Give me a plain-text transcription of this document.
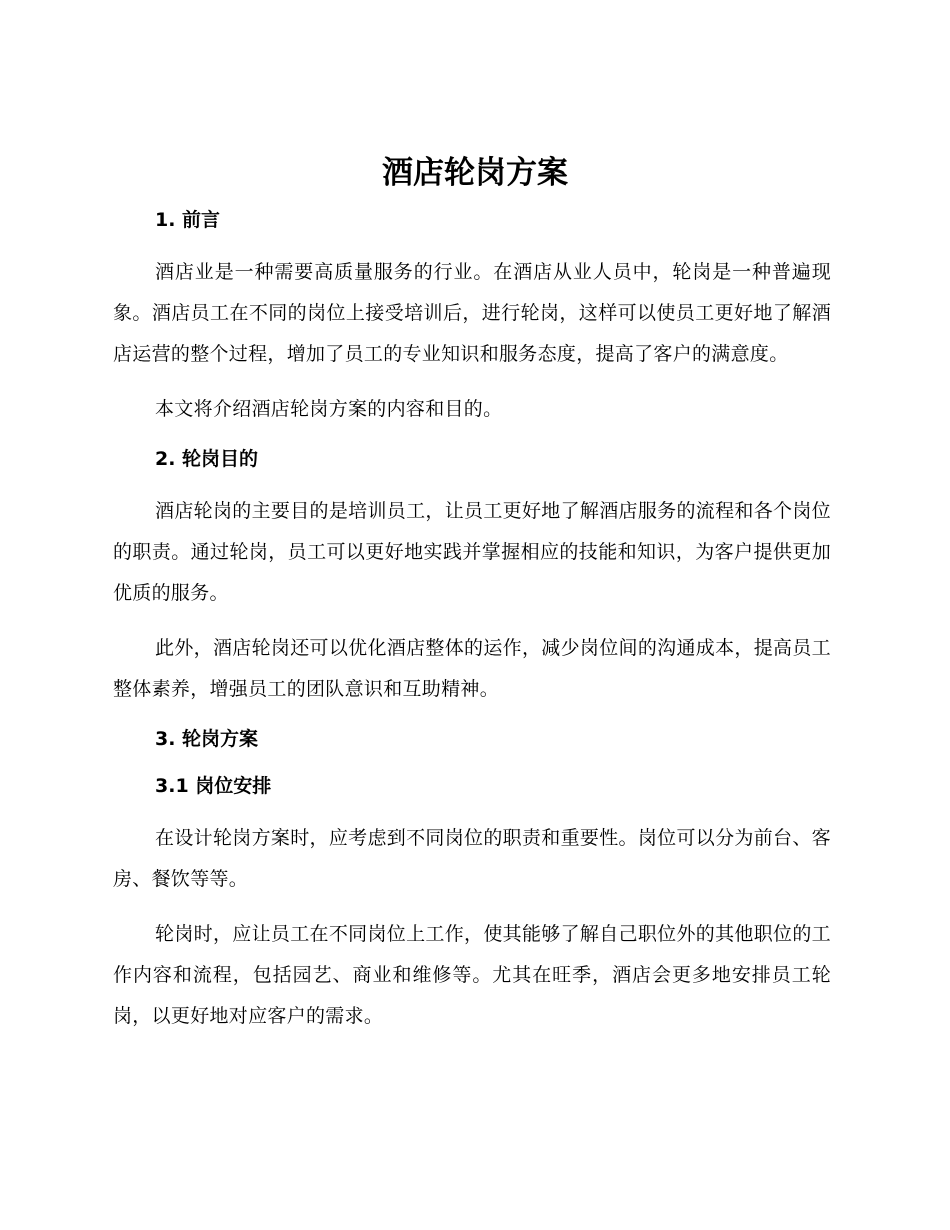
酒店轮岗方案
1. 前言

酒店业是一种需要高质量服务的行业。在酒店从业人员中，轮岗是一种普遍现象。酒店员工在不同的岗位上接受培训后，进行轮岗，这样可以使员工更好地了解酒店运营的整个过程，增加了员工的专业知识和服务态度，提高了客户的满意度。

本文将介绍酒店轮岗方案的内容和目的。

2. 轮岗目的

酒店轮岗的主要目的是培训员工，让员工更好地了解酒店服务的流程和各个岗位的职责。通过轮岗，员工可以更好地实践并掌握相应的技能和知识，为客户提供更加优质的服务。

此外，酒店轮岗还可以优化酒店整体的运作，减少岗位间的沟通成本，提高员工整体素养，增强员工的团队意识和互助精神。

3. 轮岗方案
3.1 岗位安排

在设计轮岗方案时，应考虑到不同岗位的职责和重要性。岗位可以分为前台、客房、餐饮等等。

轮岗时，应让员工在不同岗位上工作，使其能够了解自己职位外的其他职位的工作内容和流程，包括园艺、商业和维修等。尤其在旺季，酒店会更多地安排员工轮岗，以更好地对应客户的需求。
